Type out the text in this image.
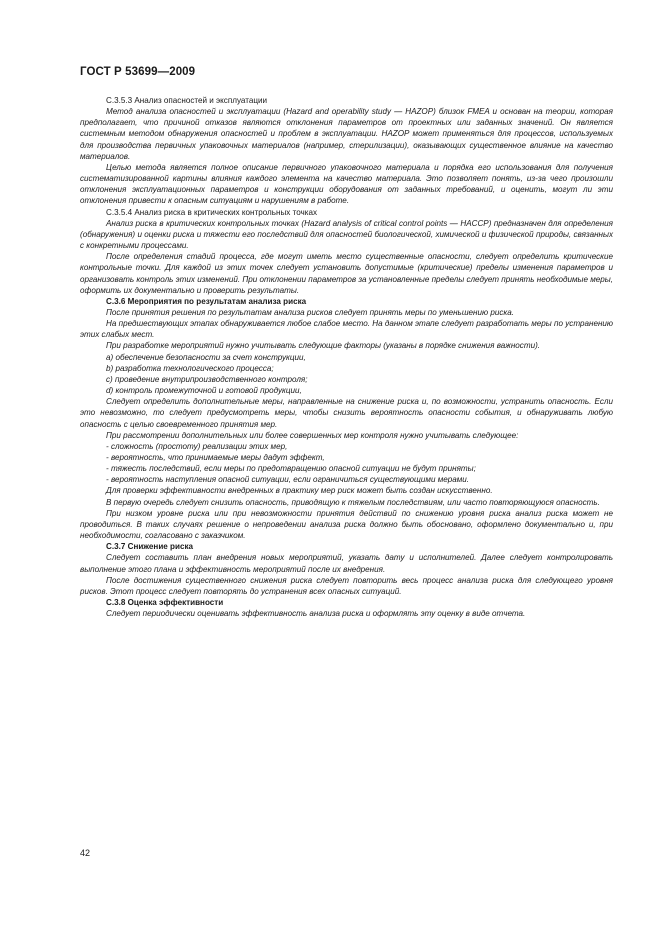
ГОСТ Р 53699—2009

С.3.5.3 Анализ опасностей и эксплуатации

Метод анализа опасностей и эксплуатации (Hazard and operability study — HAZOP) близок FMEA и основан на теории, которая предполагает, что причиной отказов являются отклонения параметров от проектных или заданных значений. Он является системным методом обнаружения опасностей и проблем в эксплуатации. HAZOP может применяться для процессов, используемых для производства первичных упаковочных материалов (например, стерилизации), оказывающих существенное влияние на качество материалов.

Целью метода является полное описание первичного упаковочного материала и порядка его использования для получения систематизированной картины влияния каждого элемента на качество материала. Это позволяет понять, из-за чего произошли отклонения эксплуатационных параметров и конструкции оборудования от заданных требований, и оценить, могут ли эти отклонения привести к опасным ситуациям и нарушениям в работе.

С.3.5.4 Анализ риска в критических контрольных точках

Анализ риска в критических контрольных точках (Hazard analysis of critical control points — HACCP) предназначен для определения (обнаружения) и оценки риска и тяжести его последствий для опасностей биологической, химической и физической природы, связанных с конкретными процессами.

После определения стадий процесса, где могут иметь место существенные опасности, следует определить критические контрольные точки. Для каждой из этих точек следует установить допустимые (критические) пределы изменения параметров и организовать контроль этих изменений. При отклонении параметров за установленные пределы следует принять необходимые меры, оформить их документально и проверить результаты.

С.3.6 Мероприятия по результатам анализа риска

После принятия решения по результатам анализа рисков следует принять меры по уменьшению риска.

На предшествующих этапах обнаруживается любое слабое место. На данном этапе следует разработать меры по устранению этих слабых мест.

При разработке мероприятий нужно учитывать следующие факторы (указаны в порядке снижения важности).

а) обеспечение безопасности за счет конструкции,
b) разработка технологического процесса;
c) проведение внутрипроизводственного контроля;
d) контроль промежуточной и готовой продукции,

Следует определить дополнительные меры, направленные на снижение риска и, по возможности, устранить опасность. Если это невозможно, то следует предусмотреть меры, чтобы снизить вероятность опасности события, и обнаруживать любую опасность с целью своевременного принятия мер.

При рассмотрении дополнительных или более совершенных мер контроля нужно учитывать следующее:

- сложность (простоту) реализации этих мер,
- вероятность, что принимаемые меры дадут эффект,
- тяжесть последствий, если меры по предотвращению опасной ситуации не будут приняты;
- вероятность наступления опасной ситуации, если ограничиться существующими мерами.

Для проверки эффективности внедренных в практику мер риск может быть создан искусственно.

В первую очередь следует снизить опасность, приводящую к тяжелым последствиям, или часто повторяющуюся опасность.

При низком уровне риска или при невозможности принятия действий по снижению уровня риска анализ риска может не проводиться. В таких случаях решение о непроведении анализа риска должно быть обосновано, оформлено документально и, при необходимости, согласовано с заказчиком.

С.3.7 Снижение риска

Следует составить план внедрения новых мероприятий, указать дату и исполнителей. Далее следует контролировать выполнение этого плана и эффективность мероприятий после их внедрения.

После достижения существенного снижения риска следует повторить весь процесс анализа риска для следующего уровня рисков. Этот процесс следует повторять до устранения всех опасных ситуаций.

С.3.8 Оценка эффективности

Следует периодически оценивать эффективность анализа риска и оформлять эту оценку в виде отчета.

42
